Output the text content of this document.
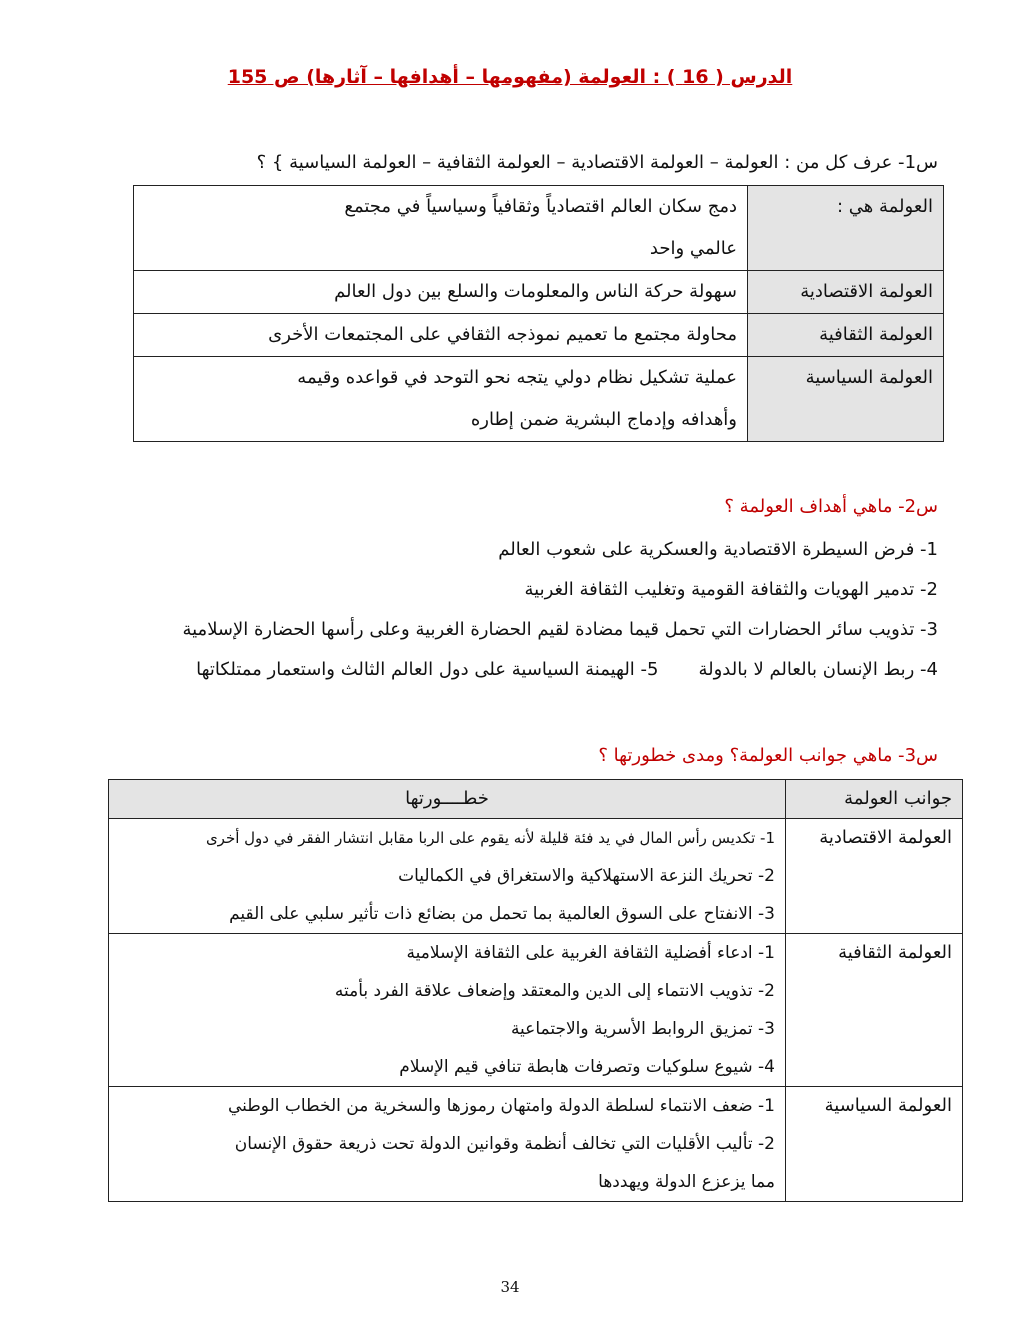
الدرس ( 16 ) : العولمة (مفهومها – أهدافها – آثارها) ص 155
س1- عرف كل من : العولمة – العولمة الاقتصادية – العولمة الثقافية – العولمة السياسية } ؟
العولمة هي :	دمج سكان العالم اقتصادياً وثقافياً وسياسياً في مجتمع
عالمي واحد

العولمة الاقتصادية	سهولة حركة الناس والمعلومات والسلع بين دول العالم

العولمة الثقافية	محاولة مجتمع ما تعميم نموذجه الثقافي على المجتمعات الأخرى

العولمة السياسية	عملية تشكيل نظام دولي يتجه نحو التوحد في قواعده وقيمه
وأهدافه وإدماج البشرية ضمن إطاره
س2- ماهي أهداف العولمة ؟
1- فرض السيطرة الاقتصادية والعسكرية على شعوب العالم
2- تدمير الهويات والثقافة القومية وتغليب الثقافة الغربية
3- تذويب سائر الحضارات التي تحمل قيما مضادة لقيم الحضارة الغربية وعلى رأسها الحضارة الإسلامية
4- ربط الإنسان بالعالم لا بالدولة5- الهيمنة السياسية على دول العالم الثالث واستعمار ممتلكاتها
س3- ماهي جوانب العولمة؟ ومدى خطورتها ؟
جوانب العولمة	خطــــورتها
العولمة الاقتصادية	1- تكديس رأس المال في يد فئة قليلة لأنه يقوم على الربا مقابل انتشار الفقر في دول أخرى
2- تحريك النزعة الاستهلاكية والاستغراق في الكماليات
3- الانفتاح على السوق العالمية بما تحمل من بضائع ذات تأثير سلبي على القيم

العولمة الثقافية	1- ادعاء أفضلية الثقافة الغربية على الثقافة الإسلامية
2- تذويب الانتماء إلى الدين والمعتقد وإضعاف علاقة الفرد بأمته
3- تمزيق الروابط الأسرية والاجتماعية
4- شيوع سلوكيات وتصرفات هابطة تنافي قيم الإسلام

العولمة السياسية	1- ضعف الانتماء لسلطة الدولة وامتهان رموزها والسخرية من الخطاب الوطني
2- تأليب الأقليات التي تخالف أنظمة وقوانين الدولة تحت ذريعة حقوق الإنسان
مما يزعزع الدولة ويهددها
34
